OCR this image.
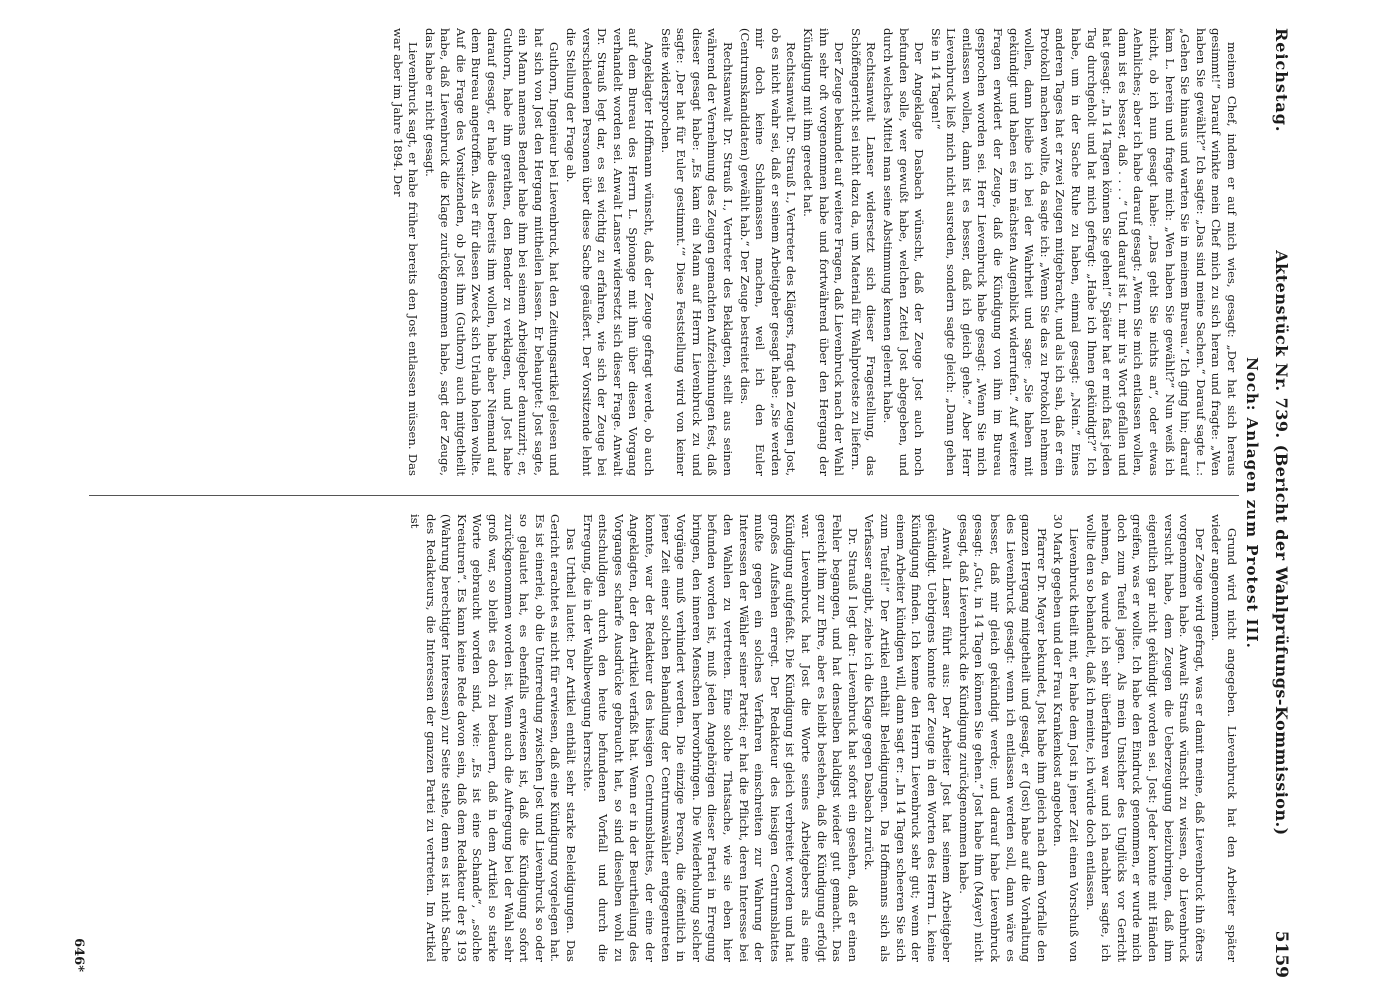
Reichstag.
Aktenstück Nr. 739. (Bericht der Wahlprüfungs-Kommission.)
5159
Noch: Anlagen zum Protest III.

meinem Chef, indem er auf mich wies, gesagt: „Der hat sich heraus gesimmt!“ Darauf winkte mein Chef mich zu sich heran und fragte: „Wen haben Sie gewählt?“ Ich sagte: „Das sind meine Sachen.“ Darauf sagte L.: „Gehen Sie hinaus und warten Sie in meinem Bureau.“ Ich ging hin; darauf kam L. herein und fragte mich: „Wen haben Sie gewählt?“ Nun weiß ich nicht, ob ich nun gesagt habe: „Das geht Sie nichts an“, oder etwas Aehnliches; aber ich habe darauf gesagt: „Wenn Sie mich entlassen wollen, dann ist es besser, daß . . . .“ Und darauf ist L. mir in's Wort gefallen und hat gesagt: „In 14 Tagen können Sie gehen!“ Später hat er mich fast jeden Tag durchgeholt und hat mich gefragt: „Habe ich Ihnen gekündigt?“ Ich habe, um in der Sache Ruhe zu haben, einmal gesagt: „Nein.“ Eines anderen Tages hat er zwei Zeugen mitgebracht, und als ich sah, daß er ein Protokoll machen wollte, da sagte ich: „Wenn Sie das zu Protokoll nehmen wollen, dann bleibe ich bei der Wahrheit und sage: „Sie haben mit gekündigt und haben es im nächsten Augenblick widerrufen.“ Auf weitere Fragen erwidert der Zeuge, daß die Kündigung von ihm im Bureau gesprochen worden sei. Herr Lievenbruck habe gesagt: „Wenn Sie mich entlassen wollen, dann ist es besser, daß ich gleich gehe.“ Aber Herr Lievenbruck ließ mich nicht ausreden, sondern sagte gleich: „Dann gehen Sie in 14 Tagen!“

Der Angeklagte Dasbach wünscht, daß der Zeuge Jost auch noch befunden solle, wer gewußt habe, welchen Zettel Jost abgegeben, und durch welches Mittel man seine Abstimmung kennen gelernt habe.

Rechtsanwalt Lanser widersetzt sich dieser Fragestellung, das Schöffengericht sei nicht dazu da, um Material für Wahlproteste zu liefern.

Der Zeuge bekundet auf weitere Fragen, daß Lievenbruck nach der Wahl ihn sehr oft vorgenommen habe und fortwährend über den Hergang der Kündigung mit ihm geredet hat.

Rechtsanwalt Dr. Strauß I., Vertreter des Klägers, fragt den Zeugen Jost, ob es nicht wahr sei, daß er seinem Arbeitgeber gesagt habe: „Sie werden mir doch keine Schlamassen machen, weil ich den Euler (Centrumskandidaten) gewählt hab.“ Der Zeuge bestreitet dies.

Rechtsanwalt Dr. Strauß I., Vertreter des Beklagten, stellt aus seinen während der Vernehmung des Zeugen gemachten Aufzeichnungen fest, daß dieser gesagt habe: „Es kam ein Mann auf Herrn Lievenbruck zu und sagte: ‚Der hat für Euler gestimmt.‘“ Diese Feststellung wird von keiner Seite widersprochen.

Angeklagter Hoffmann wünscht, daß der Zeuge gefragt werde, ob auch auf dem Bureau des Herrn L. Spionage mit ihm über diesen Vorgang verhandelt worden sei. Anwalt Lanser widersetzt sich dieser Frage. Anwalt Dr. Strauß legt dar, es sei wichtig zu erfahren, wie sich der Zeuge bei verschiedenen Personen über diese Sache geäußert. Der Vorsitzende lehnt die Stellung der Frage ab.

Guthorn, Ingenieur bei Lievenbruck, hat den Zeitungsartikel gelesen und hat sich von Jost den Hergang mittheilen lassen. Er behauptet: Jost sagte, ein Mann namens Bender habe ihm bei seinem Arbeitgeber denunzirt; er, Guthorn, habe ihm gerathen, den Bender zu verklagen, und Jost habe darauf gesagt, er habe dieses bereits ihm wollen, habe aber Niemand auf dem Bureau angetroffen. Als er für diesen Zweck sich Urlaub holen wollte. Auf die Frage des Vorsitzenden, ob Jost ihm (Guthorn) auch mitgetheilt habe, daß Lievenbruck die Klage zurückgenommen habe, sagt der Zeuge, das habe er nicht gesagt.

Lievenbruck sagt, er habe früher bereits den Jost entlassen müssen. Das war aber im Jahre 1894. Der

Grund wird nicht angegeben. Lievenbruck hat den Arbeiter später wieder angenommen.

Der Zeuge wird gefragt, was er damit meine, daß Lievenbruck ihn öfters vorgenommen habe. Anwalt Strauß wünscht zu wissen, ob Lievenbruck versucht habe, dem Zeugen die Ueberzeugung beizubringen, daß ihm eigentlich gar nicht gekündigt worden sei. Jost: Jeder konnte mit Händen greifen, was er wollte. Ich habe den Eindruck genommen, er wurde mich doch zum Teufel jagen. Als mein Unsicher des Unglücks vor Gericht nehmen, da wurde ich sehr überfahren war und ich nachher sagte, ich wollte den so behandelt, daß ich meinte, ich würde doch entlassen.

Lievenbruck theilt mit, er habe dem Jost in jener Zeit einen Vorschuß von 30 Mark gegeben und der Frau Krankenkost angeboten.

Pfarrer Dr. Mayer bekundet, Jost habe ihm gleich nach dem Vorfalle den ganzen Hergang mitgetheilt und gesagt, er (Jost) habe auf die Vorhaltung des Lievenbruck gesagt: wenn ich entlassen werden soll, dann wäre es besser, daß mir gleich gekündigt werde; und darauf habe Lievenbruck gesagt: „Gut, in 14 Tagen können Sie gehen.“ Jost habe ihm (Mayer) nicht gesagt, daß Lievenbruck die Kündigung zurückgenommen habe.

Anwalt Lanser führt aus: Der Arbeiter Jost hat seinem Arbeitgeber gekündigt. Uebrigens konnte der Zeuge in den Worten des Herrn L. keine Kündigung finden. Ich kenne den Herrn Lievenbruck sehr gut; wenn der einem Arbeiter kündigen will, dann sagt er: „In 14 Tagen scheeren Sie sich zum Teufel!“ Der Artikel enthält Beleidigungen. Da Hoffmanns sich als Verfasser angibt, ziehe ich die Klage gegen Dasbach zurück.

Dr. Strauß I legt dar: Lievenbruck hat sofort ein gesehen, daß er einen Fehler begangen, und hat denselben baldigst wieder gut gemacht. Das gereicht ihm zur Ehre, aber es bleibt bestehen, daß die Kündigung erfolgt war. Lievenbruck hat Jost die Worte seines Arbeitgebers als eine Kündigung aufgefaßt. Die Kündigung ist gleich verbreitet worden und hat großes Aufsehen erregt. Der Redakteur des hiesigen Centrumsblattes mußte gegen ein solches Verfahren einschreiten zur Wahrung der Interessen der Wähler seiner Partei; er hat die Pflicht, deren Interesse bei den Wahlen zu vertreten. Eine solche Thatsache, wie sie eben hier befunden worden ist, muß jeden Angehörigen dieser Partei in Erregung bringen, den inneren Menschen hervorbringen. Die Wiederholung solcher Vorgänge muß verhindert werden. Die einzige Person, die öffentlich in jener Zeit einer solchen Behandlung der Centrumswähler entgegentreten konnte, war der Redakteur des hiesigen Centrumsblattes, der eine der Angeklagten, der den Artikel verfaßt hat. Wenn er in der Beurtheilung des Vorganges scharfe Ausdrücke gebraucht hat, so sind dieselben wohl zu entschuldigen durch den heute befundenen Vorfall und durch die Erregung, die in der Wahlbewegung herrschte.

Das Urtheil lautet: Der Artikel enthält sehr starke Beleidigungen. Das Gericht erachtet es nicht für erwiesen, daß eine Kündigung vorgelegen hat. Es ist einerlei, ob die Unterredung zwischen Jost und Lievenbruck so oder so gelautet hat, es ebenfalls erwiesen ist, daß die Kündigung sofort zurückgenommen worden ist. Wenn auch die Aufregung bei der Wahl sehr groß war, so bleibt es doch zu bedauern, daß in dem Artikel so starke Worte gebraucht worden sind, wie: „Es ist eine Schande“, „solche Kreaturen“. Es kann keine Rede davon sein, daß dem Redakteur der § 193 (Wahrung berechtigter Interessen) zur Seite stehe, denn es ist nicht Sache des Redakteurs, die Interessen der ganzen Partei zu vertreten. Im Artikel ist

646*
